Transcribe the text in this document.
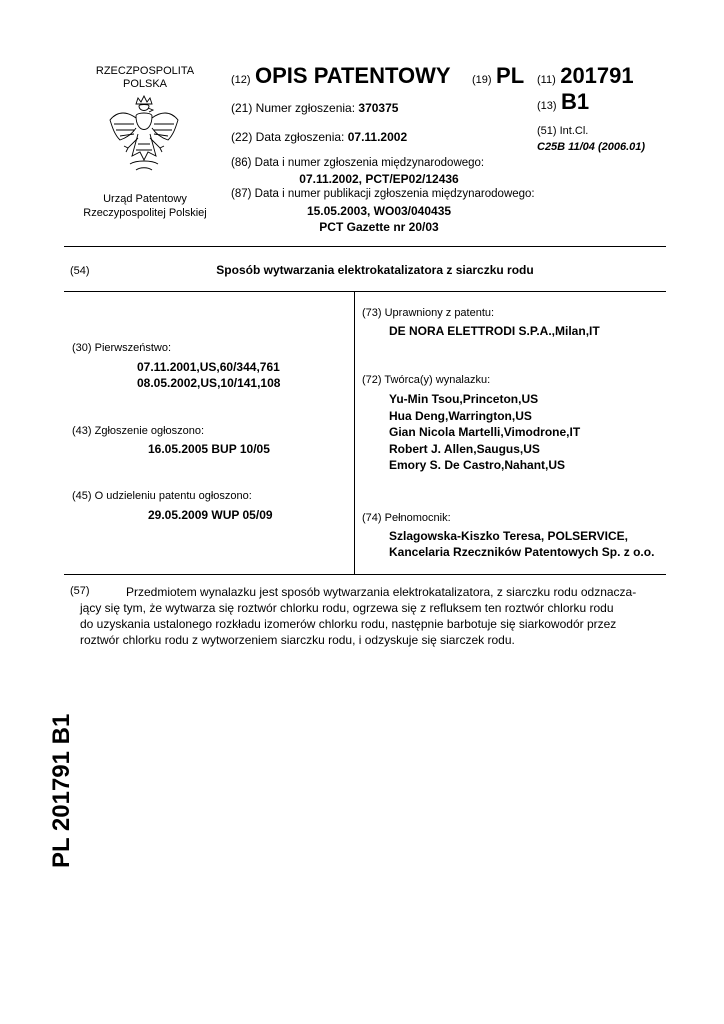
RZECZPOSPOLITA
POLSKA
Urząd Patentowy
Rzeczypospolitej Polskiej
(12) OPIS PATENTOWY (19) PL
(21) Numer zgłoszenia: 370375
(22) Data zgłoszenia: 07.11.2002
(86) Data i numer zgłoszenia międzynarodowego:
07.11.2002, PCT/EP02/12436
(87) Data i numer publikacji zgłoszenia międzynarodowego:
15.05.2003, WO03/040435
PCT Gazette nr 20/03
(11) 201791
(13) B1
(51) Int.Cl.
C25B 11/04 (2006.01)
(54)	Sposób wytwarzania elektrokatalizatora z siarczku rodu
(30) Pierwszeństwo:
07.11.2001,US,60/344,761
08.05.2002,US,10/141,108
(43) Zgłoszenie ogłoszono:
16.05.2005 BUP 10/05
(45) O udzieleniu patentu ogłoszono:
29.05.2009 WUP 05/09
(73) Uprawniony z patentu:
DE NORA ELETTRODI S.P.A.,Milan,IT
(72) Twórca(y) wynalazku:
Yu-Min Tsou,Princeton,US
Hua Deng,Warrington,US
Gian Nicola Martelli,Vimodrone,IT
Robert J. Allen,Saugus,US
Emory S. De Castro,Nahant,US
(74) Pełnomocnik:
Szlagowska-Kiszko Teresa, POLSERVICE,
Kancelaria Rzeczników Patentowych Sp. z o.o.
(57)	Przedmiotem wynalazku jest sposób wytwarzania elektrokatalizatora, z siarczku rodu odznacza-
jący się tym, że wytwarza się roztwór chlorku rodu, ogrzewa się z refluksem ten roztwór chlorku rodu
do uzyskania ustalonego rozkładu izomerów chlorku rodu, następnie barbotuje się siarkowodór przez
roztwór chlorku rodu z wytworzeniem siarczku rodu, i odzyskuje się siarczek rodu.
PL 201791 B1
